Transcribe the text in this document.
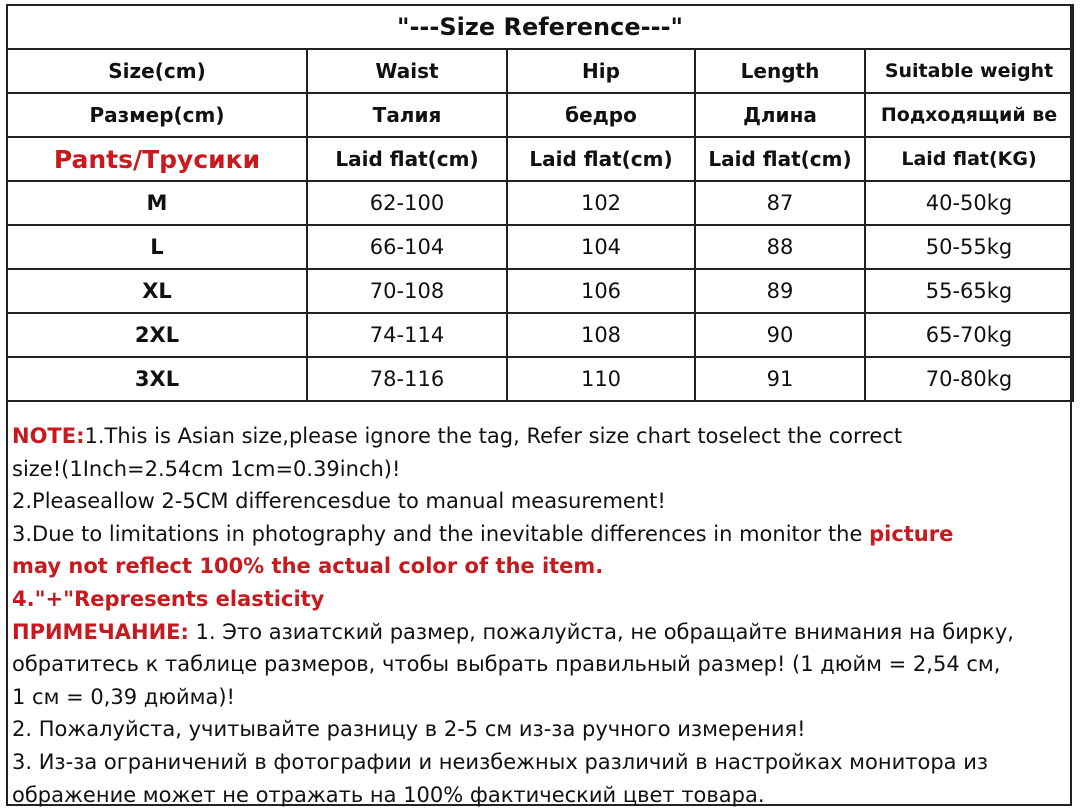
"---Size Reference---"				
Size(cm)	Waist	Hip	Length	Suitable weight
Размер(cm)	Талия	бедро	Длина	Подходящий ве
Pants/Трусики	Laid flat(cm)	Laid flat(cm)	Laid flat(cm)	Laid flat(KG)
M	62-100	102	87	40-50kg
L	66-104	104	88	50-55kg
XL	70-108	106	89	55-65kg
2XL	74-114	108	90	65-70kg
3XL	78-116	110	91	70-80kg
NOTE:1.This is Asian size,please ignore the tag, Refer size chart toselect the correct
size!(1Inch=2.54cm 1cm=0.39inch)!
2.Pleaseallow 2-5CM differencesdue to manual measurement!
3.Due to limitations in photography and the inevitable differences in monitor the picture
may not reflect 100% the actual color of the item.
4."+"Represents elasticity
ПРИМЕЧАНИЕ: 1. Это азиатский размер, пожалуйста, не обращайте внимания на бирку,
обратитесь к таблице размеров, чтобы выбрать правильный размер! (1 дюйм = 2,54 см,
1 см = 0,39 дюйма)!
2. Пожалуйста, учитывайте разницу в 2-5 см из-за ручного измерения!
3. Из-за ограничений в фотографии и неизбежных различий в настройках монитора из
ображение может не отражать на 100% фактический цвет товара.
